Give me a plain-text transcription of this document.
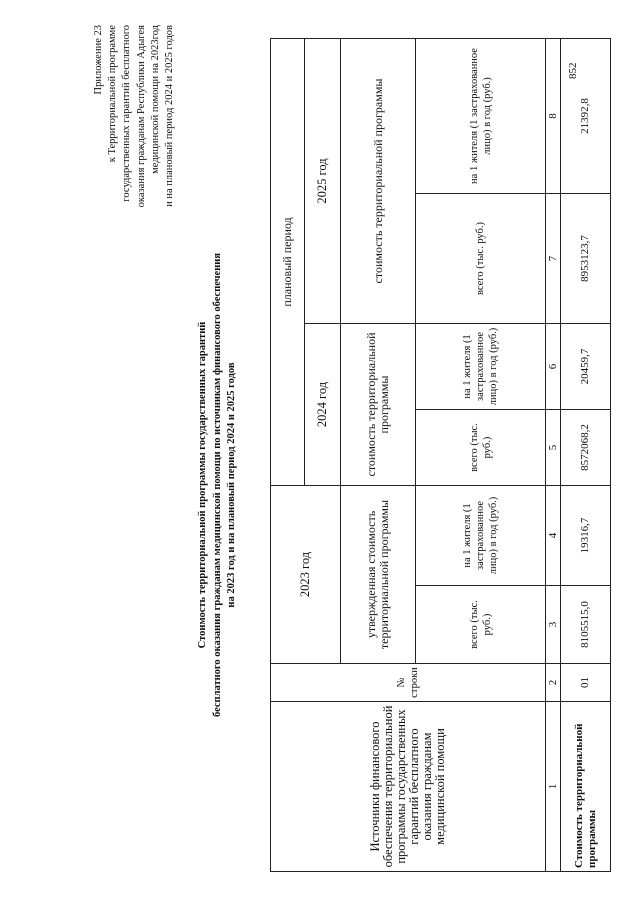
Приложение 23 к Территориальной программе государственных гарантий бесплатного оказания гражданам Республики Адыгея медицинской помощи на 2023год и на плановый период 2024 и 2025 годов
Стоимость территориальной программы государственных гарантий бесплатного оказания гражданам медицинской помощи по источникам финансового обеспечения на 2023 год и на плановый период 2024 и 2025 годов
Источники финансового обеспечения территориальной программы государственных гарантий бесплатного оказания гражданам медицинской помощи	№ строки	2023 год		плановый период			
				2024 год		2025 год	
		утвержденная стоимость территориальной программы		стоимость территориальной программы		стоимость территориальной программы	
		всего (тыс. руб.)	на 1 жителя (1 застрахованное лицо) в год (руб.)	всего (тыс. руб.)	на 1 жителя (1 застрахованное лицо) в год (руб.)	всего (тыс. руб.)	на 1 жителя (1 застрахованное лицо) в год (руб.)
1	2	3	4	5	6	7	8
Стоимость территориальной программы	01	8105515,0	19316,7	8572068,2	20459,7	8953123,7	21392,8
852
